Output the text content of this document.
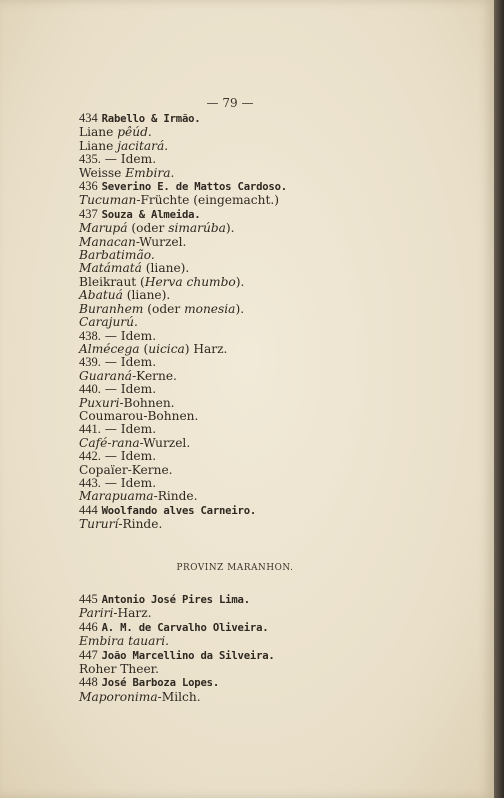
— 79 —
434 Rabello & Irmão.
Liane pêúd.
Liane jacitará.
435. — Idem.
Weisse Embira.
436 Severino E. de Mattos Cardoso.
Tucuman-Früchte (eingemacht.)
437 Souza & Almeida.
Marupá (oder simarúba).
Manacan-Wurzel.
Barbatimão.
Matámatá (liane).
Bleikraut (Herva chumbo).
Abatuá (liane).
Buranhem (oder monesia).
Carajurú.
438. — Idem.
Almécega (uicica) Harz.
439. — Idem.
Guaraná-Kerne.
440. — Idem.
Puxuri-Bohnen.
Coumarou-Bohnen.
441. — Idem.
Café-rana-Wurzel.
442. — Idem.
Copaïer-Kerne.
443. — Idem.
Marapuama-Rinde.
444 Woolfando alves Carneiro.
Tururí-Rinde.
PROVINZ MARANHON.
445 Antonio José Pires Lima.
Pariri-Harz.
446 A. M. de Carvalho Oliveira.
Embira tauari.
447 João Marcellino da Silveira.
Roher Theer.
448 José Barboza Lopes.
Maporonima-Milch.
